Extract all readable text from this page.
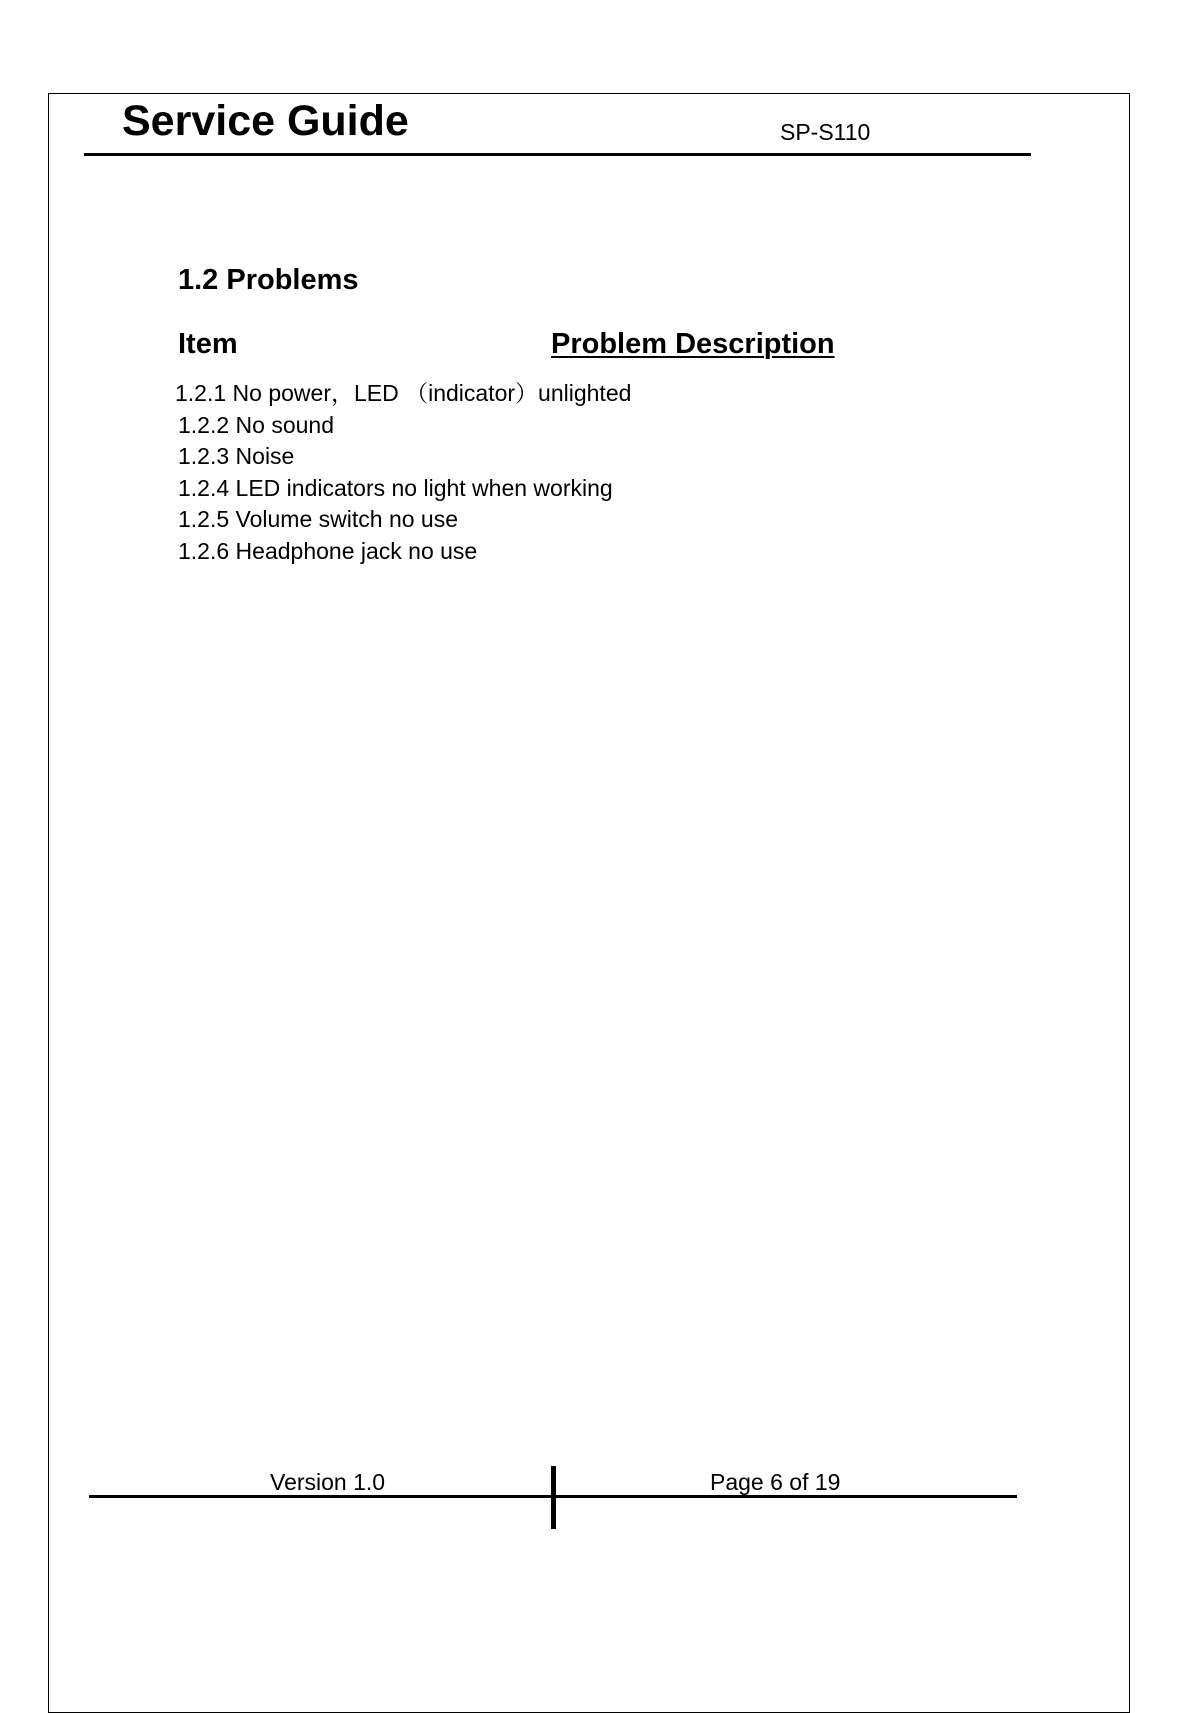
Service Guide	SP-S110
1.2 Problems
Item	Problem Description
1.2.1 No power，LED （indicator）unlighted
1.2.2 No sound
1.2.3 Noise
1.2.4 LED indicators no light when working
1.2.5 Volume switch no use
1.2.6 Headphone jack no use
Version 1.0	Page 6 of 19
